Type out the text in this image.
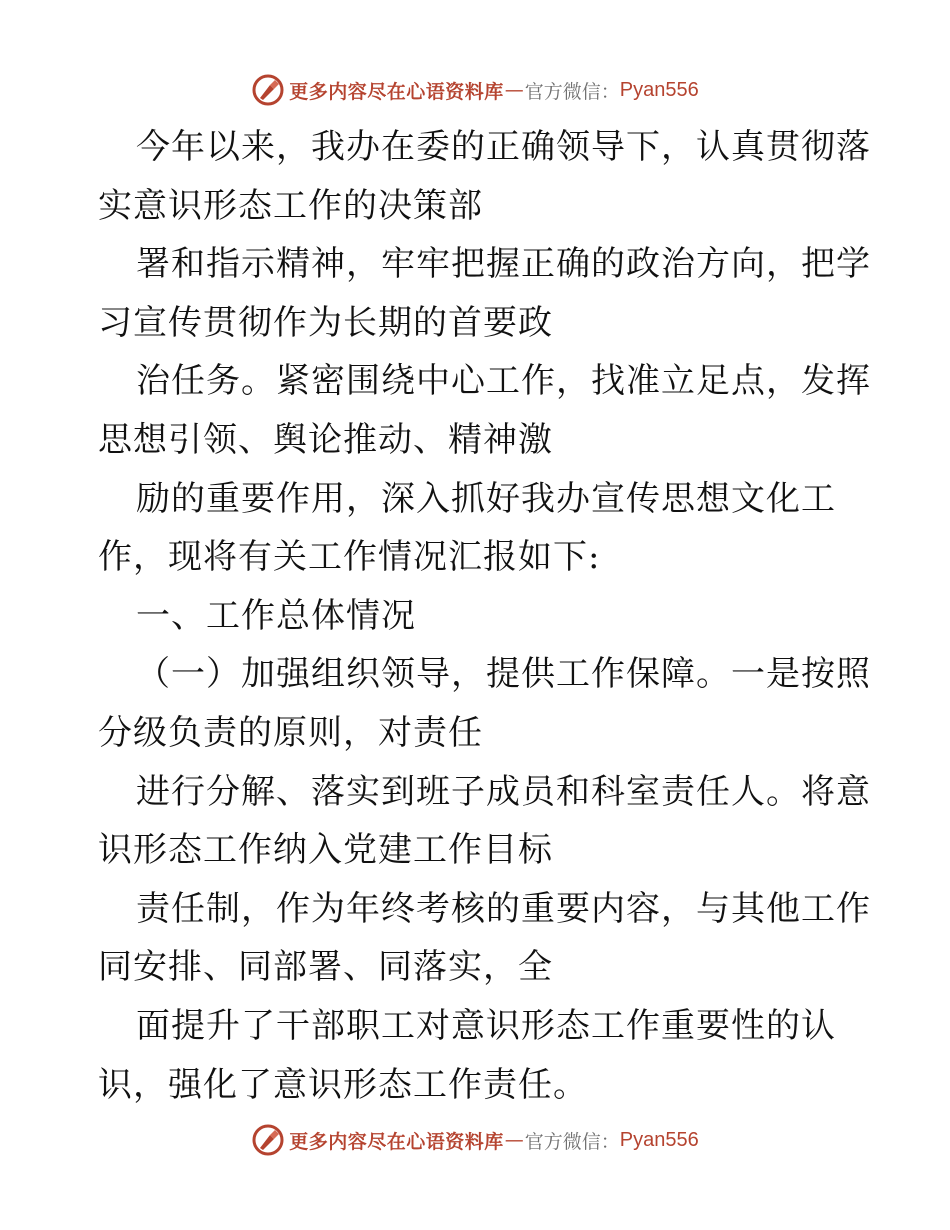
更多内容尽在心语资料库 — 官方微信： Pyan556
今年以来，我办在委的正确领导下，认真贯彻落
实意识形态工作的决策部
署和指示精神，牢牢把握正确的政治方向，把学
习宣传贯彻作为长期的首要政
治任务。紧密围绕中心工作，找准立足点，发挥
思想引领、舆论推动、精神激
励的重要作用，深入抓好我办宣传思想文化工
作，现将有关工作情况汇报如下:
一、工作总体情况
（一）加强组织领导，提供工作保障。一是按照
分级负责的原则，对责任
进行分解、落实到班子成员和科室责任人。将意
识形态工作纳入党建工作目标
责任制，作为年终考核的重要内容，与其他工作
同安排、同部署、同落实，全
面提升了干部职工对意识形态工作重要性的认
识，强化了意识形态工作责任。
更多内容尽在心语资料库 — 官方微信： Pyan556
